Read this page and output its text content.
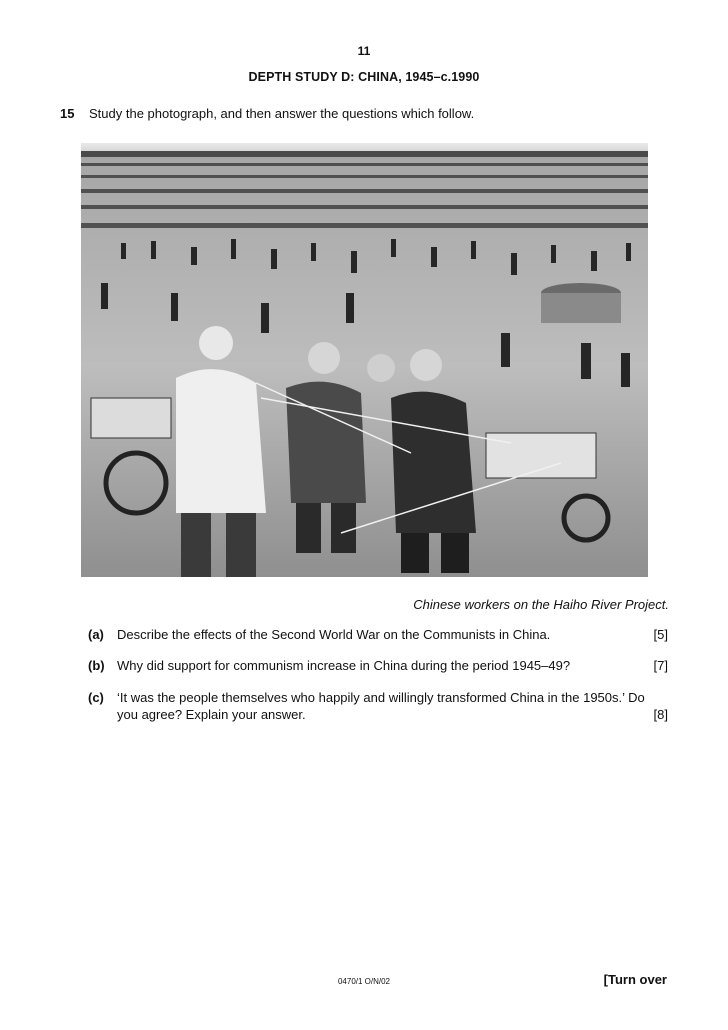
11
DEPTH STUDY D: CHINA, 1945–c.1990
15 Study the photograph, and then answer the questions which follow.
Chinese workers on the Haiho River Project.
(a) Describe the effects of the Second World War on the Communists in China.	[5]
(b) Why did support for communism increase in China during the period 1945–49?	[7]
(c) ‘It was the people themselves who happily and willingly transformed China in the 1950s.’ Do
you agree? Explain your answer.	[8]
0470/1 O/N/02	[Turn over
